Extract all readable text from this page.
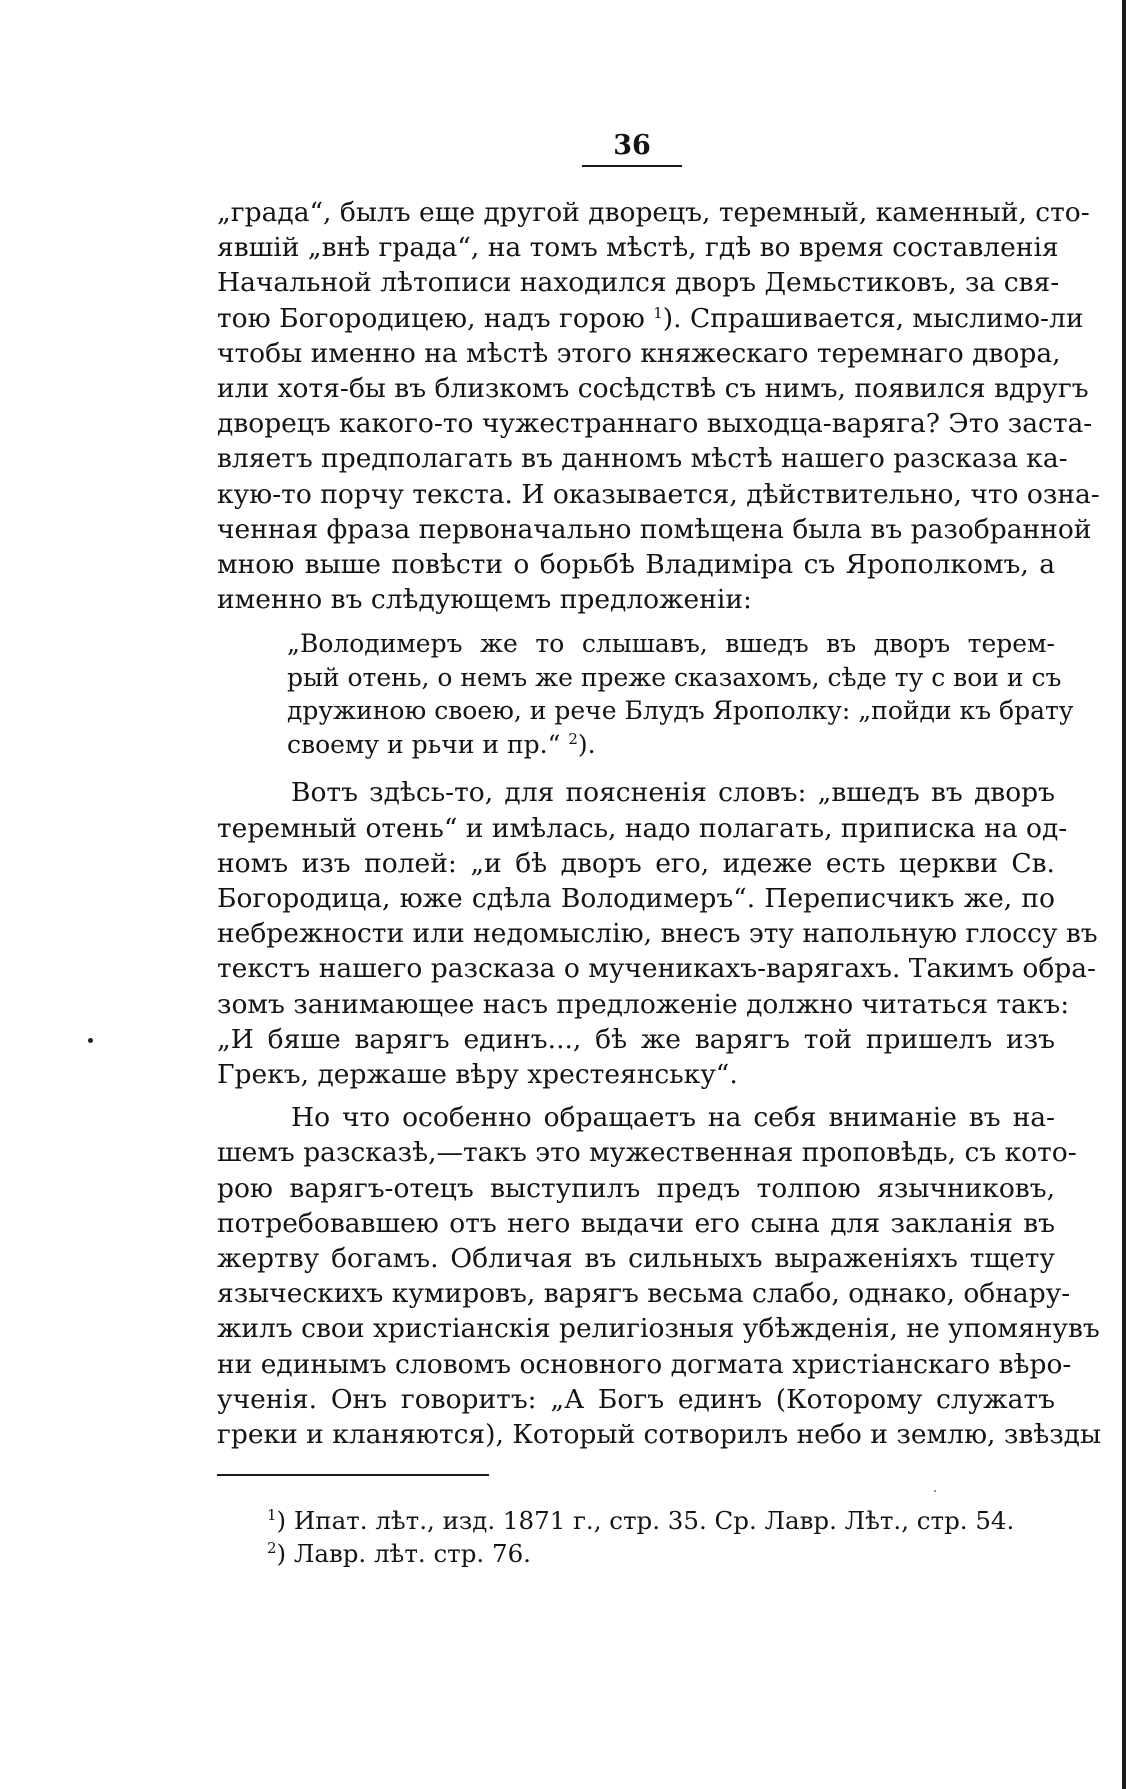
36
„града“, былъ еще другой дворецъ, теремный, каменный, сто-
явшій „внѣ града“, на томъ мѣстѣ, гдѣ во время составленія
Начальной лѣтописи находился дворъ Демьстиковъ, за свя-
тою Богородицею, надъ горою $^1$). Спрашивается, мыслимо-ли
чтобы именно на мѣстѣ этого княжескаго теремнаго двора,
или хотя-бы въ близкомъ сосѣдствѣ съ нимъ, появился вдругъ
дворецъ какого-то чужестраннаго выходца-варяга? Это заста-
вляетъ предполагать въ данномъ мѣстѣ нашего разсказа ка-
кую-то порчу текста. И оказывается, дѣйствительно, что озна-
ченная фраза первоначально помѣщена была въ разобранной
мною выше повѣсти о борьбѣ Владиміра съ Ярополкомъ, а
именно въ слѣдующемъ предложеніи:
„Володимеръ же то слышавъ, вшедъ въ дворъ терем-
рый отень, о немъ же преже сказахомъ, сѣде ту с вои и съ
дружиною своею, и рече Блудъ Ярополку: „пойди къ брату
своему и рьчи и пр.“ $^2$).
Вотъ здѣсь-то, для поясненія словъ: „вшедъ въ дворъ
теремный отень“ и имѣлась, надо полагать, приписка на од-
номъ изъ полей: „и бѣ дворъ его, идеже есть церкви Св.
Богородица, юже сдѣла Володимеръ“. Переписчикъ же, по
небрежности или недомыслію, внесъ эту напольную глоссу въ
текстъ нашего разсказа о мученикахъ-варягахъ. Такимъ обра-
зомъ занимающее насъ предложеніе должно читаться такъ:
„И бяше варягъ единъ..., бѣ же варягъ той пришелъ изъ
Грекъ, держаше вѣру хрестеянську“.
Но что особенно обращаетъ на себя вниманіе въ на-
шемъ разсказѣ,—такъ это мужественная проповѣдь, съ кото-
рою варягъ-отецъ выступилъ предъ толпою язычниковъ,
потребовавшею отъ него выдачи его сына для закланія въ
жертву богамъ. Обличая въ сильныхъ выраженіяхъ тщету
языческихъ кумировъ, варягъ весьма слабо, однако, обнару-
жилъ свои христіанскія религіозныя убѣжденія, не упомянувъ
ни единымъ словомъ основного догмата христіанскаго вѣро-
ученія. Онъ говоритъ: „А Богъ единъ (Которому служатъ
греки и кланяются), Который сотворилъ небо и землю, звѣзды
$^1$) Ипат. лѣт., изд. 1871 г., стр. 35. Ср. Лавр. Лѣт., стр. 54.
$^2$) Лавр. лѣт. стр. 76.
